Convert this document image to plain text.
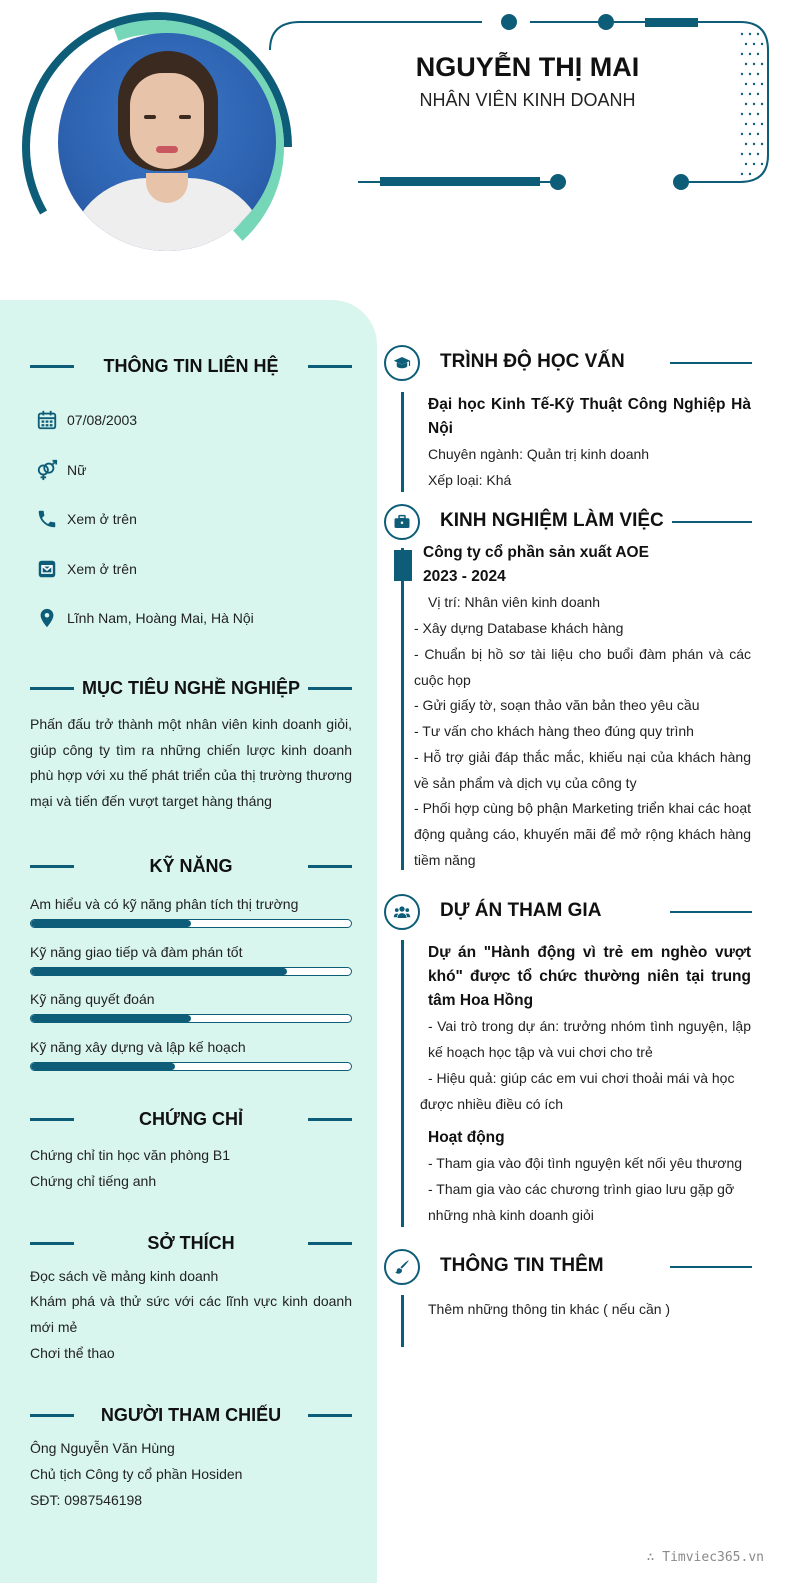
NGUYỄN THỊ MAI
NHÂN VIÊN KINH DOANH
THÔNG TIN LIÊN HỆ
07/08/2003
Nữ
Xem ở trên
Xem ở trên
Lĩnh Nam, Hoàng Mai, Hà Nội
MỤC TIÊU NGHỀ NGHIỆP
Phấn đấu trở thành một nhân viên kinh doanh giỏi, giúp công ty tìm ra những chiến lược kinh doanh phù hợp với xu thế phát triển của thị trường thương mại và tiến đến vượt target hàng tháng
KỸ NĂNG
Am hiểu và có kỹ năng phân tích thị trường
Kỹ năng giao tiếp và đàm phán tốt
Kỹ năng quyết đoán
Kỹ năng xây dựng và lập kế hoạch
CHỨNG CHỈ
Chứng chỉ tin học văn phòng B1
Chứng chỉ tiếng anh
SỞ THÍCH
Đọc sách về mảng kinh doanh
Khám phá và thử sức với các lĩnh vực kinh doanh mới mẻ
Chơi thể thao
NGƯỜI THAM CHIẾU
Ông Nguyễn Văn Hùng
Chủ tịch Công ty cổ phần Hosiden
SĐT: 0987546198
TRÌNH ĐỘ HỌC VẤN
Đại học Kinh Tế-Kỹ Thuật Công Nghiệp Hà Nội
Chuyên ngành: Quản trị kinh doanh
Xếp loại: Khá
KINH NGHIỆM LÀM VIỆC
Công ty cổ phần sản xuất AOE
2023 - 2024
Vị trí: Nhân viên kinh doanh
- Xây dựng Database khách hàng
- Chuẩn bị hồ sơ tài liệu cho buổi đàm phán và các cuộc họp
- Gửi giấy tờ, soạn thảo văn bản theo yêu cầu
- Tư vấn cho khách hàng theo đúng quy trình
- Hỗ trợ giải đáp thắc mắc, khiếu nại của khách hàng về sản phẩm và dịch vụ của công ty
- Phối hợp cùng bộ phận Marketing triển khai các hoạt động quảng cáo, khuyến mãi để mở rộng khách hàng tiềm năng
DỰ ÁN THAM GIA
Dự án "Hành động vì trẻ em nghèo vượt khó" được tổ chức thường niên tại trung tâm Hoa Hồng
- Vai trò trong dự án: trưởng nhóm tình nguyện, lập kế hoạch học tập và vui chơi cho trẻ
- Hiệu quả: giúp các em vui chơi thoải mái và học được nhiều điều có ích
Hoạt động
- Tham gia vào đội tình nguyện kết nối yêu thương
- Tham gia vào các chương trình giao lưu gặp gỡ những nhà kinh doanh giỏi
THÔNG TIN THÊM
Thêm những thông tin khác ( nếu cần )
∴ Timviec365.vn
